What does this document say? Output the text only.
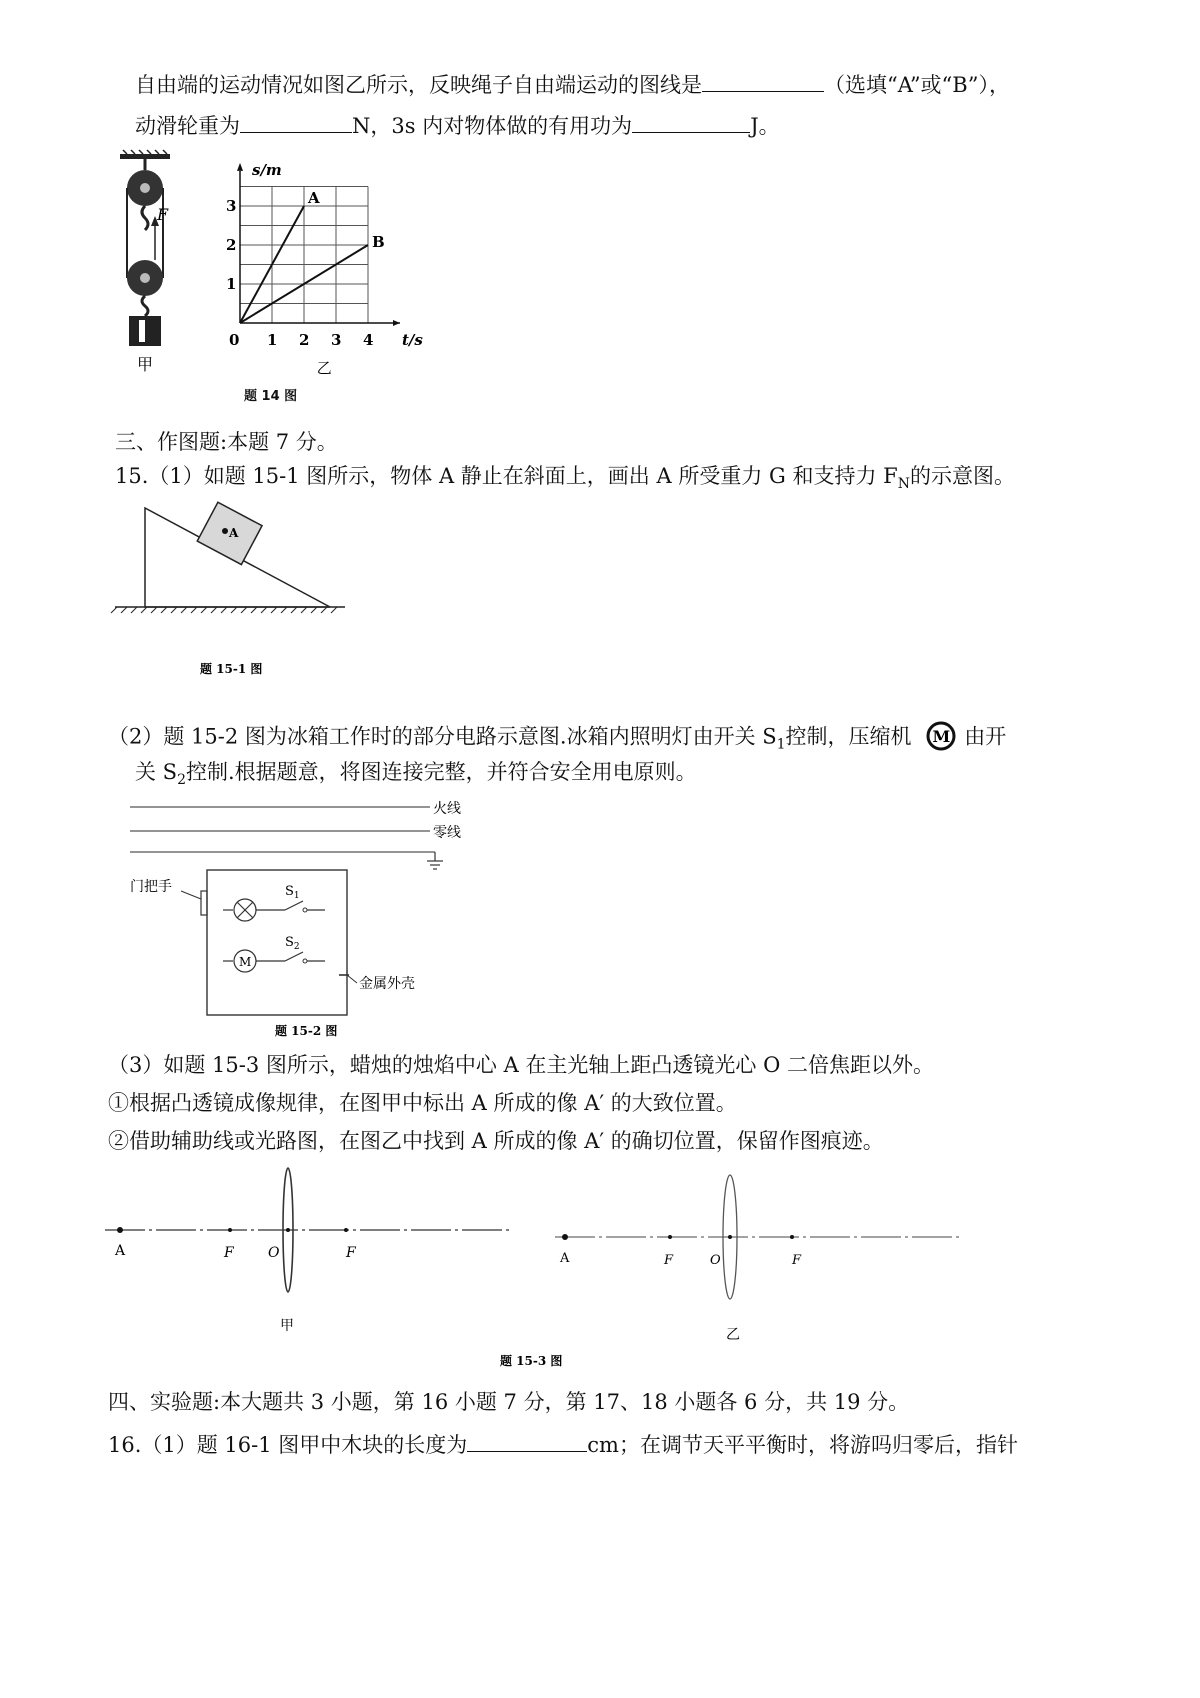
自由端的运动情况如图乙所示，反映绳子自由端运动的图线是	（选填“A”或“B”），
动滑轮重为	N，3s 内对物体做的有用功为	J。
F
甲
0 1 2 3 4
1
2
3
t/s
s/m
A
B
乙
题 14 图
三、作图题:本题 7 分。
15.（1）如题 15-1 图所示，物体 A 静止在斜面上，画出 A 所受重力 G 和支持力 $F_N$的示意图。
A
题 15-1 图
（2）题 15-2 图为冰箱工作时的部分电路示意图.冰箱内照明灯由开关 $S_1$控制，压缩机 M 由开
关 $S_2$控制.根据题意，将图连接完整，并符合安全用电原则。
火线
零线
门把手	$S_1$
M
$S_2$
金属外壳
题 15-2 图
（3）如题 15-3 图所示，蜡烛的烛焰中心 A 在主光轴上距凸透镜光心 O 二倍焦距以外。
①根据凸透镜成像规律，在图甲中标出 A 所成的像 A′ 的大致位置。
②借助辅助线或光路图，在图乙中找到 A 所成的像 A′ 的确切位置，保留作图痕迹。
A	F O	F
甲
A	F	O	F
乙
题 15-3 图
四、实验题:本大题共 3 小题，第 16 小题 7 分，第 17、18 小题各 6 分，共 19 分。
16.（1）题 16-1 图甲中木块的长度为	cm；在调节天平平衡时，将游吗归零后，指针
